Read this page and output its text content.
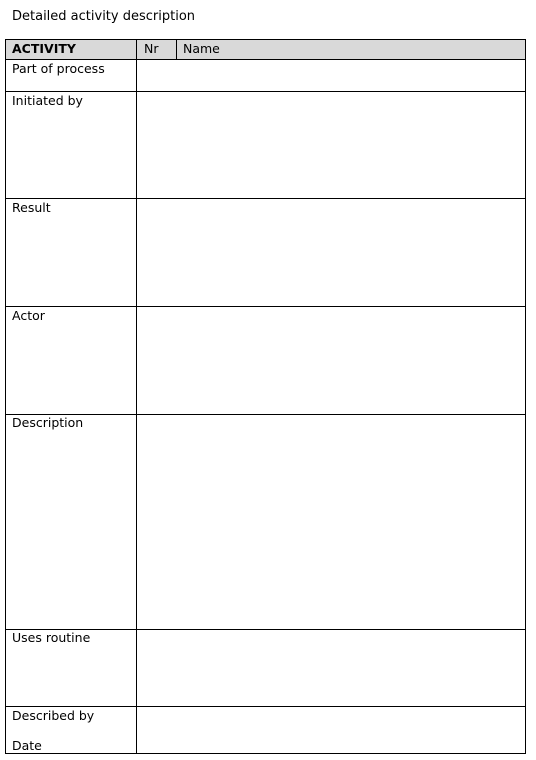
Detailed activity description
ACTIVITY	Nr Name
Part of process
Initiated by
Result
Actor
Description
Uses routine
Described by
Date
